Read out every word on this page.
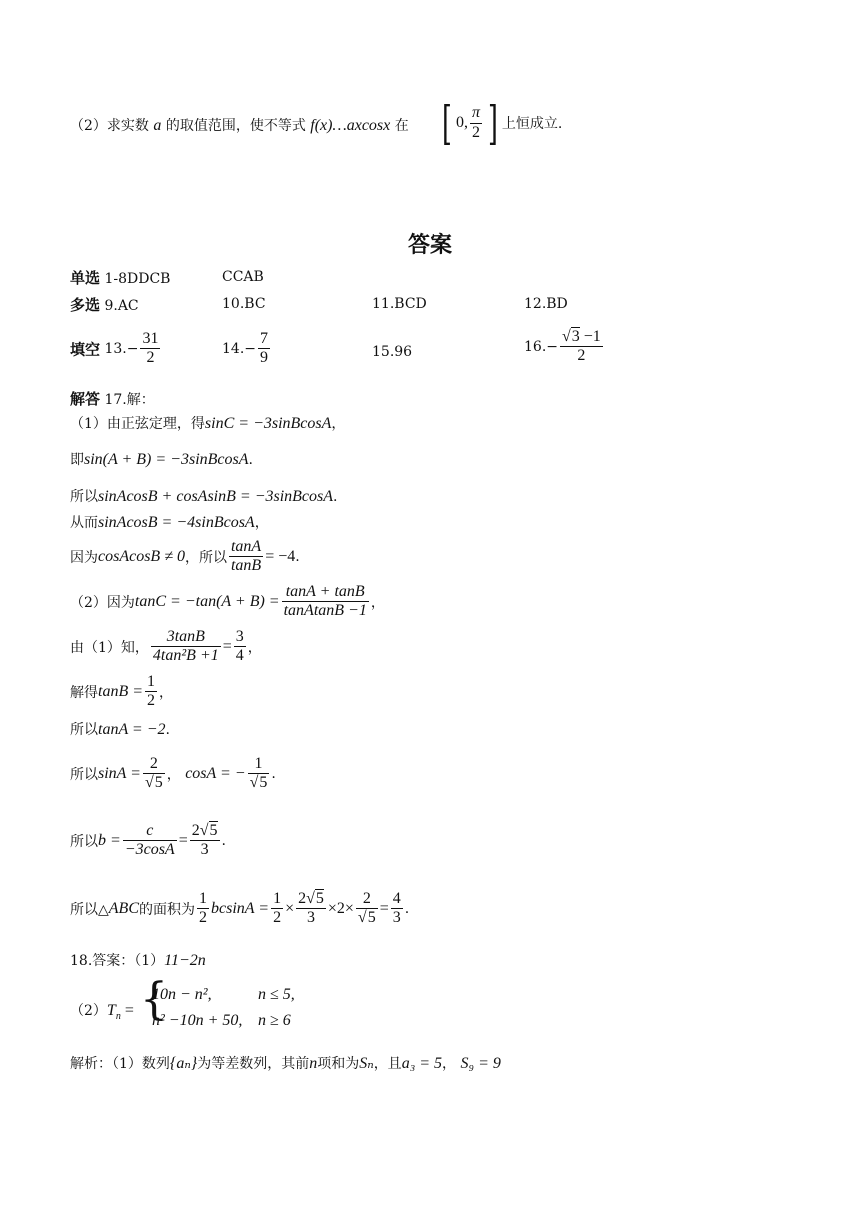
（2）求实数 a 的取值范围，使不等式 f(x)…axcosx 在 [ 0, $\frac{\pi}{2}$ ] 上恒成立.
答案
单选 1-8DDCB	CCAB
多选 9.AC	10.BC	11.BCD	12.BD
填空 $13.- \frac{31}{2}$	$14.- \frac{7}{9}$	15.96	$16.- \frac{√3 -1}{2}$
解答 17.解：
（1）由正弦定理，得sinC = −3sinBcosA，
即sin(A + B) = −3sinBcosA.
所以sinAcosB + cosAsinB = −3sinBcosA.
从而sinAcosB = −4sinBcosA，
因为cosAcosB ≠ 0，所以 $\frac{\tan A}{\tan B} = -4$.
（2）因为$\tan C = -\tan(A + B) = \frac{\tan A + \tan B}{\text{tanAtanB −1}}$ ，
由（1）知， $\frac{3\tan B}{\text{4tan²B +1}} = \frac{3}{4}$ ，
解得$\tan B = \frac{1}{2}$ ，
所以tanA = −2.
所以$\sin A = \frac{2}{√5}$ ， cosA = − $\frac{1}{√5}$ .
所以$b = \frac{c}{-3\cos A} = \frac{2√5}{3}$ .
所以△ABC的面积为 $\frac{1}{2}$ $bcsinA = \frac{1}{2} \times \frac{2√5}{3} \times 2\times \frac{2}{√5} = \frac{4}{3}$ .
18.答案：（1）11−2n
$(2)T_n$ = {
10n − n²,	n ≤ 5,
n² −10n + 50, n ≥ 6
解析：（1）数列{aₙ}为等差数列，其前n项和为Sₙ，且a₃ = 5， S₉ = 9
